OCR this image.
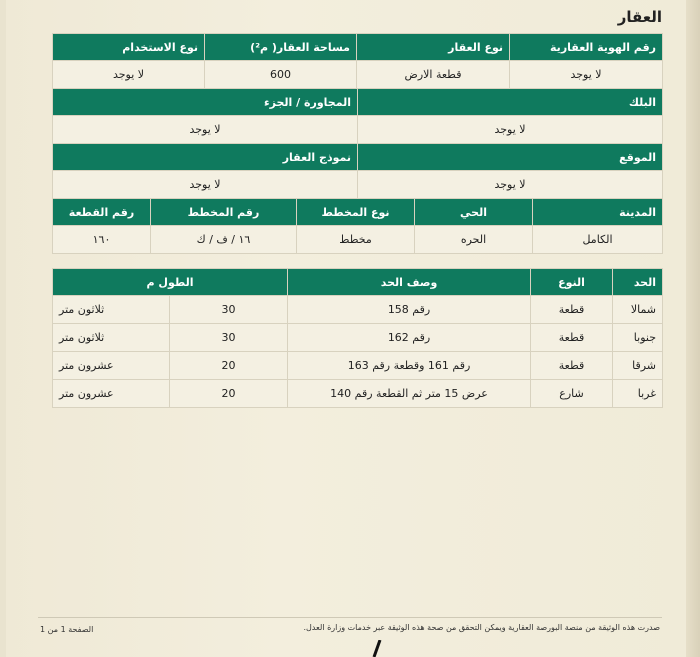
العقار
رقم الهوية العقارية	نوع العقار	مساحة العقار( م²)	نوع الاستخدام
لا يوجد	قطعة الارض	600	لا يوجد
البلك	المجاورة / الجزء
لا يوجد	لا يوجد
الموقع	نموذج العقار
لا يوجد	لا يوجد
المدينة	الحي	نوع المخطط	رقم المخطط	رقم القطعة
الكامل	الحره	مخطط	١٦ / ف / ك	١٦٠
الحد	النوع	وصف الحد	الطول م	
شمالا	قطعة	رقم 158	30	ثلاثون متر
جنوبا	قطعة	رقم 162	30	ثلاثون متر
شرقا	قطعة	رقم 161 وقطعة رقم 163	20	عشرون متر
غربا	شارع	عرض 15 متر ثم القطعة رقم 140	20	عشرون متر
صدرت هذه الوثيقة من منصة البورصة العقارية ويمكن التحقق من صحة هذه الوثيقة عبر خدمات وزارة العدل.
الصفحة 1 من 1
